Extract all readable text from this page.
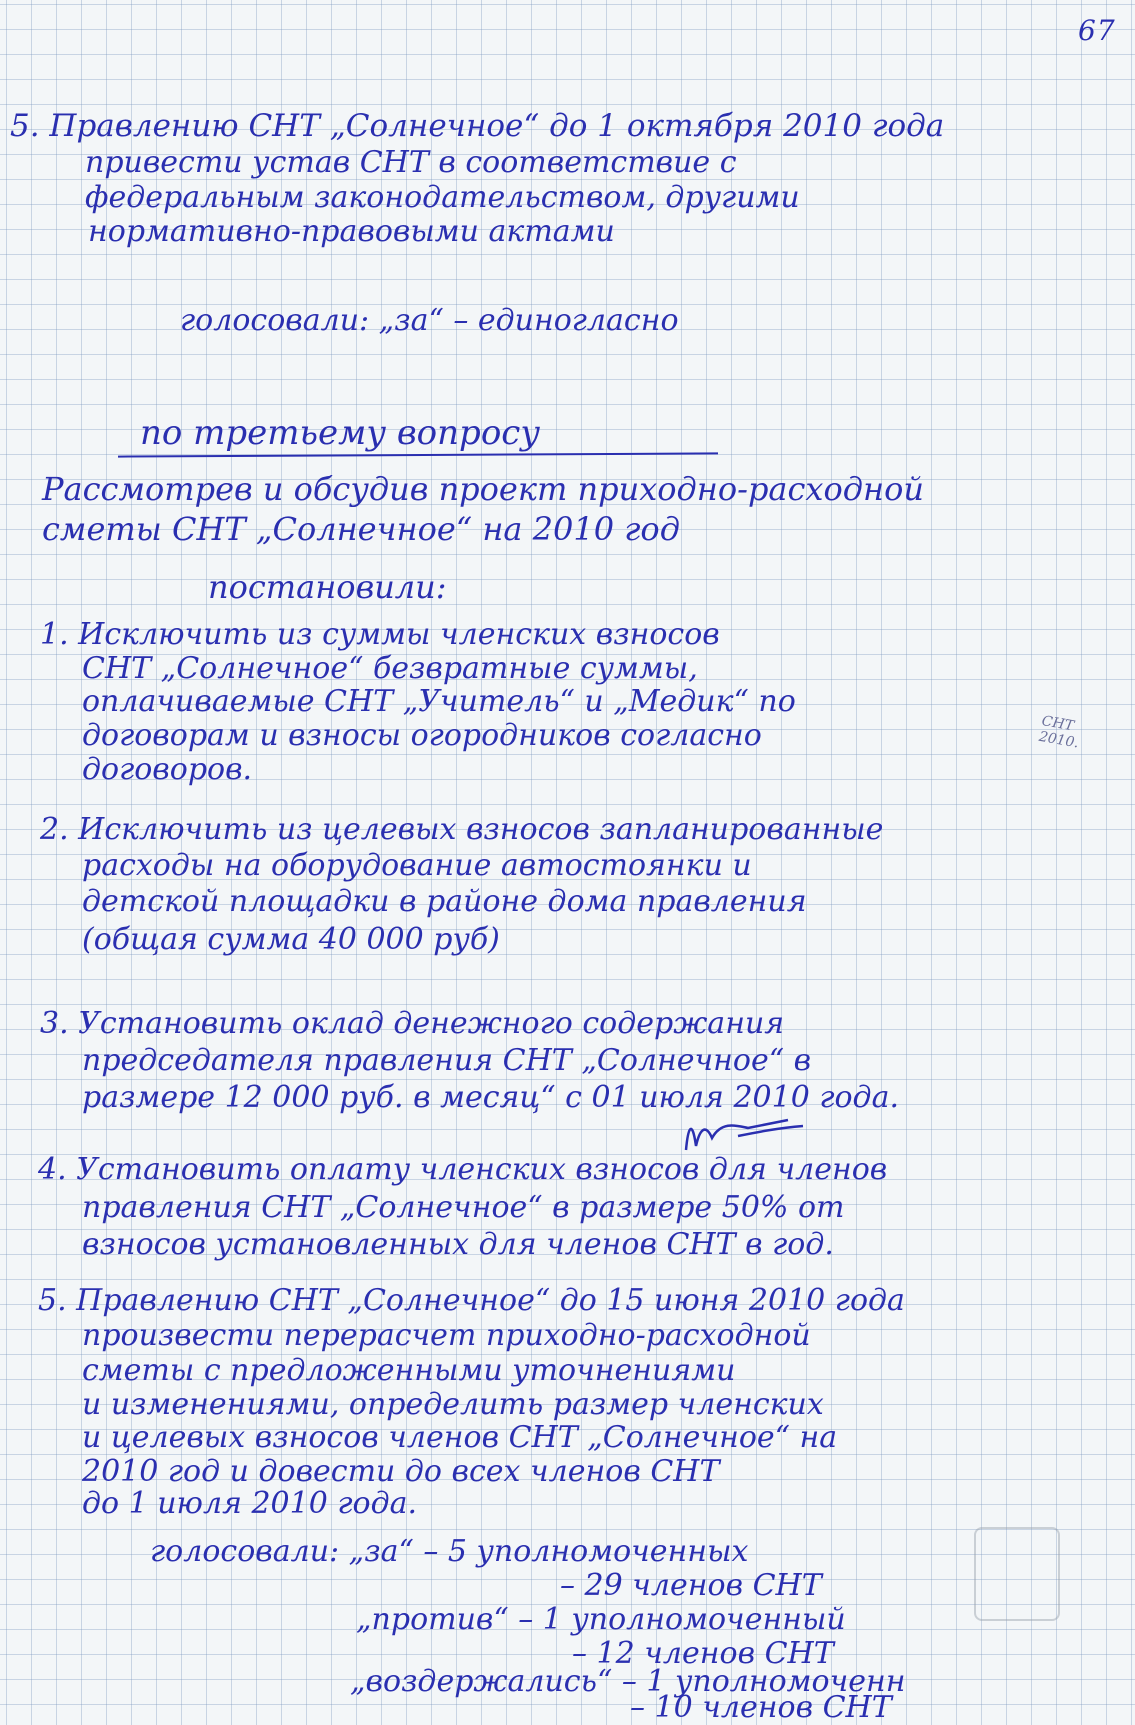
67
5. Правлению СНТ „Солнечное“ до 1 октября 2010 года
привести устав СНТ в соответствие с
федеральным законодательством, другими
нормативно-правовыми актами
голосовали: „за“ – единогласно
по третьему вопросу
Рассмотрев и обсудив проект приходно-расходной
сметы СНТ „Солнечное“ на 2010 год
постановили:
1. Исключить из суммы членских взносов
СНТ „Солнечное“ безвратные суммы,
оплачиваемые СНТ „Учитель“ и „Медик“ по
договорам и взносы огородников согласно
договоров.
СНТ 2010.
2. Исключить из целевых взносов запланированные
расходы на оборудование автостоянки и
детской площадки в районе дома правления
(общая сумма 40 000 руб)
3. Установить оклад денежного содержания
председателя правления СНТ „Солнечное“ в
размере 12 000 руб. в месяц“ с 01 июля 2010 года.
4. Установить оплату членских взносов для членов
правления СНТ „Солнечное“ в размере 50% от
взносов установленных для членов СНТ в год.
5. Правлению СНТ „Солнечное“ до 15 июня 2010 года
произвести перерасчет приходно-расходной
сметы с предложенными уточнениями
и изменениями, определить размер членских
и целевых взносов членов СНТ „Солнечное“ на
2010 год и довести до всех членов СНТ
до 1 июля 2010 года.
голосовали: „за“ – 5 уполномоченных
– 29 членов СНТ
„против“ – 1 уполномоченный
– 12 членов СНТ
„воздержались“ – 1 уполномоченн
– 10 членов СНТ
